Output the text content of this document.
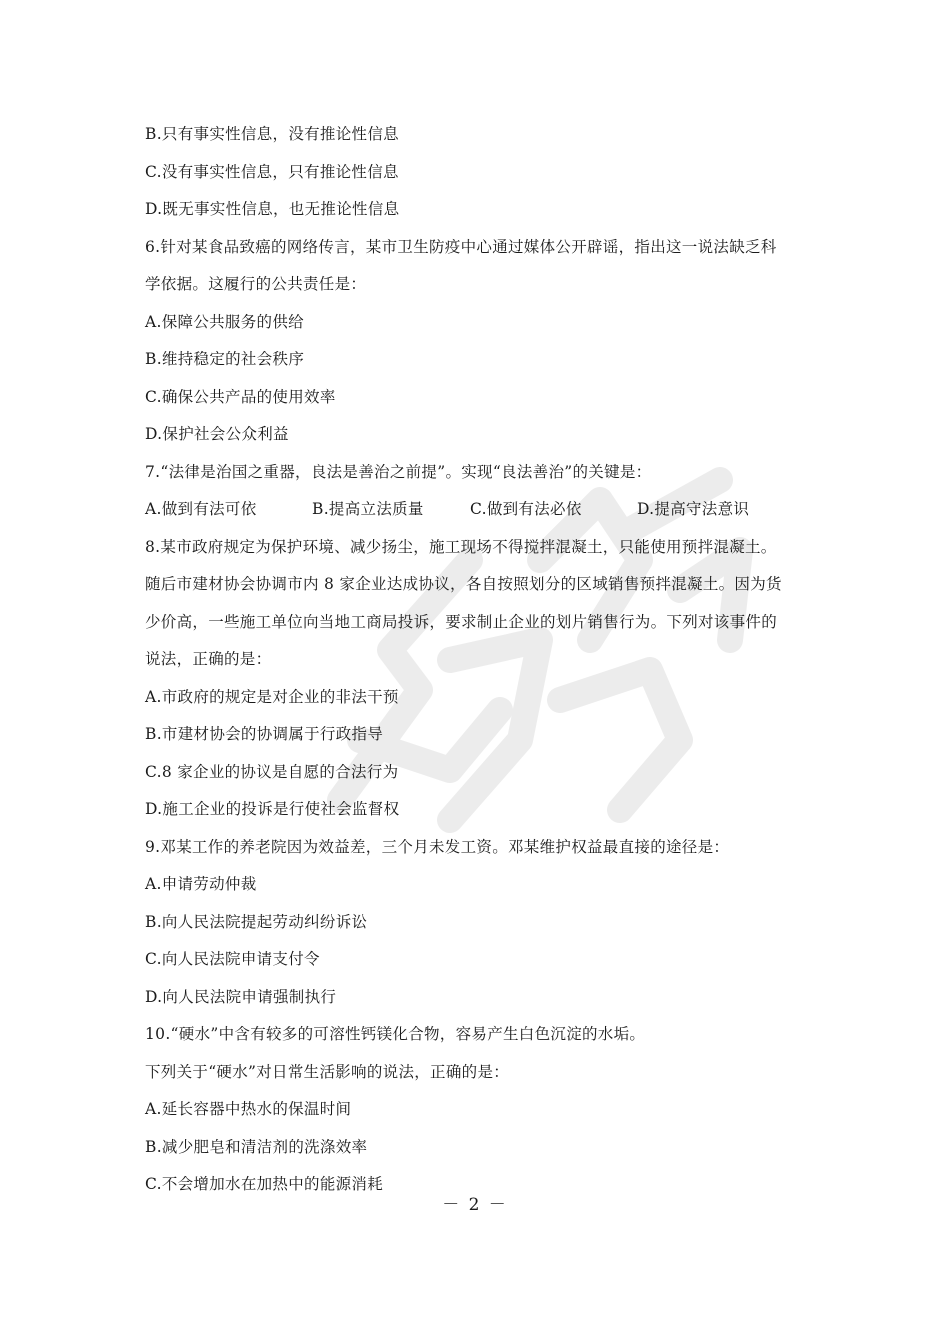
B.只有事实性信息，没有推论性信息
C.没有事实性信息，只有推论性信息
D.既无事实性信息，也无推论性信息
6.针对某食品致癌的网络传言，某市卫生防疫中心通过媒体公开辟谣，指出这一说法缺乏科
学依据。这履行的公共责任是：
A.保障公共服务的供给
B.维持稳定的社会秩序
C.确保公共产品的使用效率
D.保护社会公众利益
7.“法律是治国之重器，良法是善治之前提”。实现“良法善治”的关键是：
A.做到有法可依	B.提高立法质量	C.做到有法必依	D.提高守法意识
8.某市政府规定为保护环境、减少扬尘，施工现场不得搅拌混凝土，只能使用预拌混凝土。
随后市建材协会协调市内 8 家企业达成协议，各自按照划分的区域销售预拌混凝土。因为货
少价高，一些施工单位向当地工商局投诉，要求制止企业的划片销售行为。下列对该事件的
说法，正确的是：
A.市政府的规定是对企业的非法干预
B.市建材协会的协调属于行政指导
C.8 家企业的协议是自愿的合法行为
D.施工企业的投诉是行使社会监督权
9.邓某工作的养老院因为效益差，三个月未发工资。邓某维护权益最直接的途径是：
A.申请劳动仲裁
B.向人民法院提起劳动纠纷诉讼
C.向人民法院申请支付令
D.向人民法院申请强制执行
10.“硬水”中含有较多的可溶性钙镁化合物，容易产生白色沉淀的水垢。
下列关于“硬水”对日常生活影响的说法，正确的是：
A.延长容器中热水的保温时间
B.减少肥皂和清洁剂的洗涤效率
C.不会增加水在加热中的能源消耗
－ 2 －
